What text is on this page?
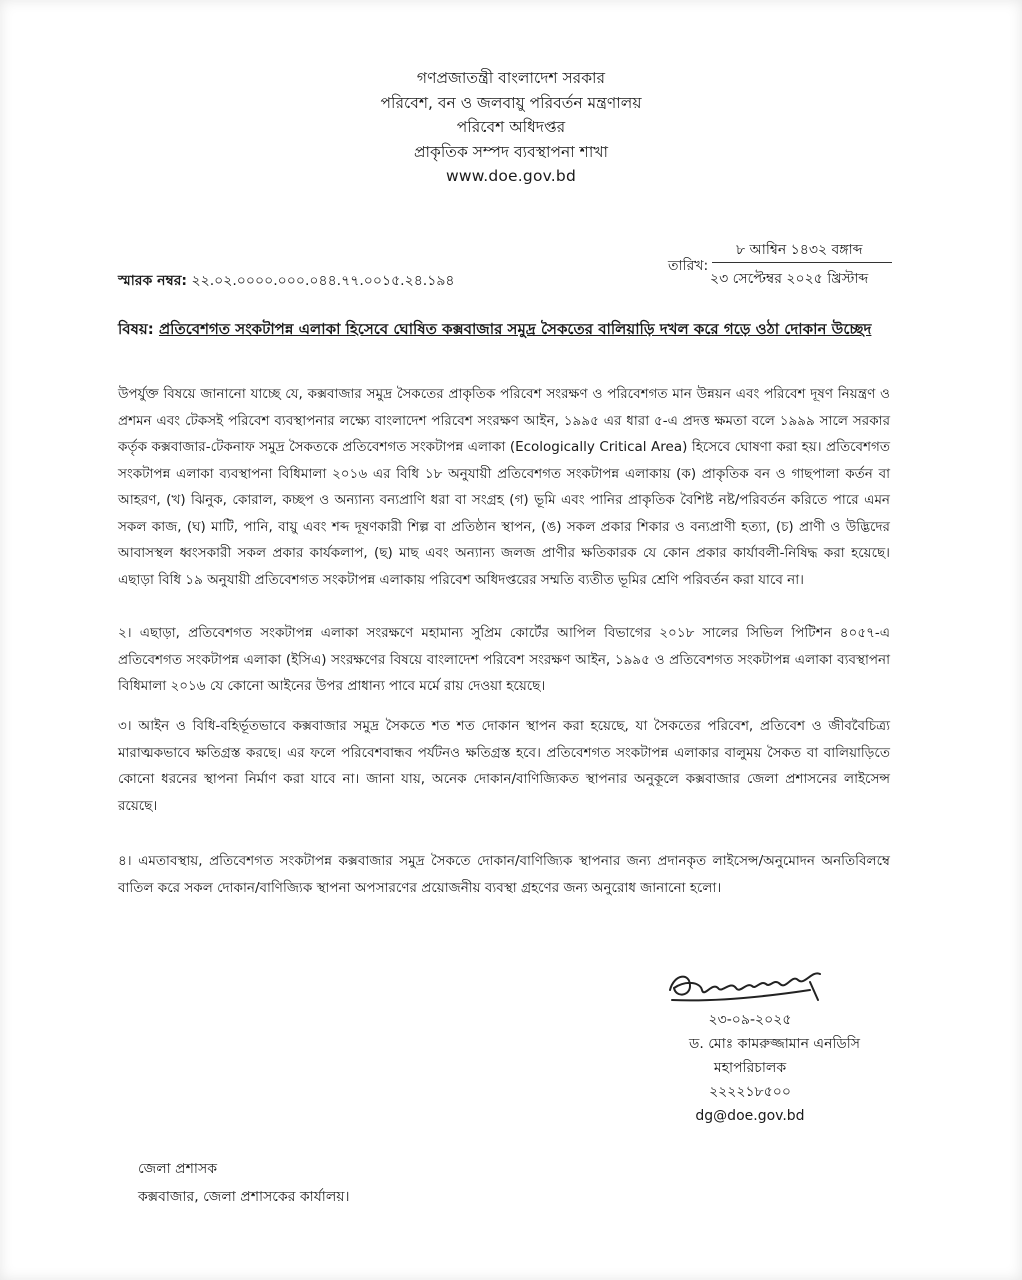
গণপ্রজাতন্ত্রী বাংলাদেশ সরকার
পরিবেশ, বন ও জলবায়ু পরিবর্তন মন্ত্রণালয়
পরিবেশ অধিদপ্তর
প্রাকৃতিক সম্পদ ব্যবস্থাপনা শাখা
www.doe.gov.bd
৮ আশ্বিন ১৪৩২ বঙ্গাব্দ
তারিখ:
২৩ সেপ্টেম্বর ২০২৫ খ্রিস্টাব্দ
স্মারক নম্বর: ২২.০২.০০০০.০০০.০৪৪.৭৭.০০১৫.২৪.১৯৪
বিষয়: প্রতিবেশগত সংকটাপন্ন এলাকা হিসেবে ঘোষিত কক্সবাজার সমুদ্র সৈকতের বালিয়াড়ি দখল করে গড়ে ওঠা দোকান উচ্ছেদ
উপর্যুক্ত বিষয়ে জানানো যাচ্ছে যে, কক্সবাজার সমুদ্র সৈকতের প্রাকৃতিক পরিবেশ সংরক্ষণ ও পরিবেশগত মান উন্নয়ন এবং পরিবেশ দূষণ নিয়ন্ত্রণ ও প্রশমন এবং টেকসই পরিবেশ ব্যবস্থাপনার লক্ষ্যে বাংলাদেশ পরিবেশ সংরক্ষণ আইন, ১৯৯৫ এর ধারা ৫-এ প্রদত্ত ক্ষমতা বলে ১৯৯৯ সালে সরকার কর্তৃক কক্সবাজার-টেকনাফ সমুদ্র সৈকতকে প্রতিবেশগত সংকটাপন্ন এলাকা (Ecologically Critical Area) হিসেবে ঘোষণা করা হয়। প্রতিবেশগত সংকটাপন্ন এলাকা ব্যবস্থাপনা বিধিমালা ২০১৬ এর বিধি ১৮ অনুযায়ী প্রতিবেশগত সংকটাপন্ন এলাকায় (ক) প্রাকৃতিক বন ও গাছপালা কর্তন বা আহরণ, (খ) ঝিনুক, কোরাল, কচ্ছপ ও অন্যান্য বন্যপ্রাণি ধরা বা সংগ্রহ (গ) ভূমি এবং পানির প্রাকৃতিক বৈশিষ্ট নষ্ট/পরিবর্তন করিতে পারে এমন সকল কাজ, (ঘ) মাটি, পানি, বায়ু এবং শব্দ দূষণকারী শিল্প বা প্রতিষ্ঠান স্থাপন, (ঙ) সকল প্রকার শিকার ও বন্যপ্রাণী হত্যা, (চ) প্রাণী ও উদ্ভিদের আবাসস্থল ধ্বংসকারী সকল প্রকার কার্যকলাপ, (ছ) মাছ এবং অন্যান্য জলজ প্রাণীর ক্ষতিকারক যে কোন প্রকার কার্যাবলী-নিষিদ্ধ করা হয়েছে। এছাড়া বিধি ১৯ অনুযায়ী প্রতিবেশগত সংকটাপন্ন এলাকায় পরিবেশ অধিদপ্তরের সম্মতি ব্যতীত ভূমির শ্রেণি পরিবর্তন করা যাবে না।
২। এছাড়া, প্রতিবেশগত সংকটাপন্ন এলাকা সংরক্ষণে মহামান্য সুপ্রিম কোর্টের আপিল বিভাগের ২০১৮ সালের সিভিল পিটিশন ৪০৫৭-এ প্রতিবেশগত সংকটাপন্ন এলাকা (ইসিএ) সংরক্ষণের বিষয়ে বাংলাদেশ পরিবেশ সংরক্ষণ আইন, ১৯৯৫ ও প্রতিবেশগত সংকটাপন্ন এলাকা ব্যবস্থাপনা বিধিমালা ২০১৬ যে কোনো আইনের উপর প্রাধান্য পাবে মর্মে রায় দেওয়া হয়েছে।
৩। আইন ও বিধি-বহির্ভূতভাবে কক্সবাজার সমুদ্র সৈকতে শত শত দোকান স্থাপন করা হয়েছে, যা সৈকতের পরিবেশ, প্রতিবেশ ও জীববৈচিত্র্য মারাত্মকভাবে ক্ষতিগ্রস্ত করছে। এর ফলে পরিবেশবান্ধব পর্যটনও ক্ষতিগ্রস্ত হবে। প্রতিবেশগত সংকটাপন্ন এলাকার বালুময় সৈকত বা বালিয়াড়িতে কোনো ধরনের স্থাপনা নির্মাণ করা যাবে না। জানা যায়, অনেক দোকান/বাণিজ্যিকত স্থাপনার অনুকূলে কক্সবাজার জেলা প্রশাসনের লাইসেন্স রয়েছে।
৪। এমতাবস্থায়, প্রতিবেশগত সংকটাপন্ন কক্সবাজার সমুদ্র সৈকতে দোকান/বাণিজ্যিক স্থাপনার জন্য প্রদানকৃত লাইসেন্স/অনুমোদন অনতিবিলম্বে বাতিল করে সকল দোকান/বাণিজ্যিক স্থাপনা অপসারণের প্রয়োজনীয় ব্যবস্থা গ্রহণের জন্য অনুরোধ জানানো হলো।
২৩-০৯-২০২৫
ড. মোঃ কামরুজ্জামান এনডিসি
মহাপরিচালক
২২২২১৮৫০০
dg@doe.gov.bd
জেলা প্রশাসক
কক্সবাজার, জেলা প্রশাসকের কার্যালয়।
